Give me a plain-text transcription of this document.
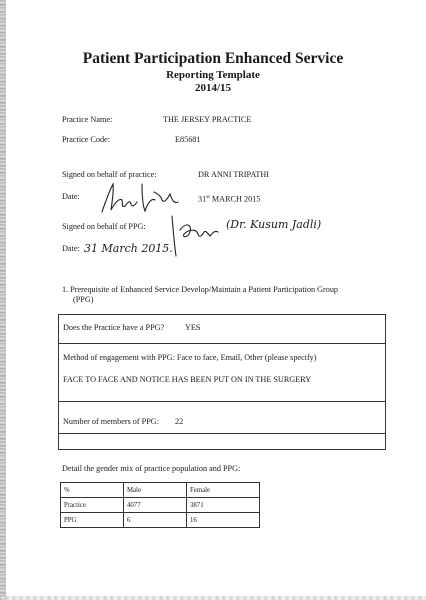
Patient Participation Enhanced Service
Reporting Template
2014/15
Practice Name:	THE JERSEY PRACTICE
Practice Code:	E85681
Signed on behalf of practice:	DR ANNI TRIPATHI
Date:	31st MARCH 2015
Signed on behalf of PPG:	(Dr. Kusum Jadli)
Date: 31 March 2015.
1. Prerequisite of Enhanced Service Develop/Maintain a Patient Participation Group
(PPG)
Does the Practice have a PPG?	YES
Method of engagement with PPG: Face to face, Email, Other (please specify)
FACE TO FACE AND NOTICE HAS BEEN PUT ON IN THE SURGERY
Number of members of PPG: 22
Detail the gender mix of practice population and PPG:
%	Male	Female
Practice	4077	3871
PPG	6	16
